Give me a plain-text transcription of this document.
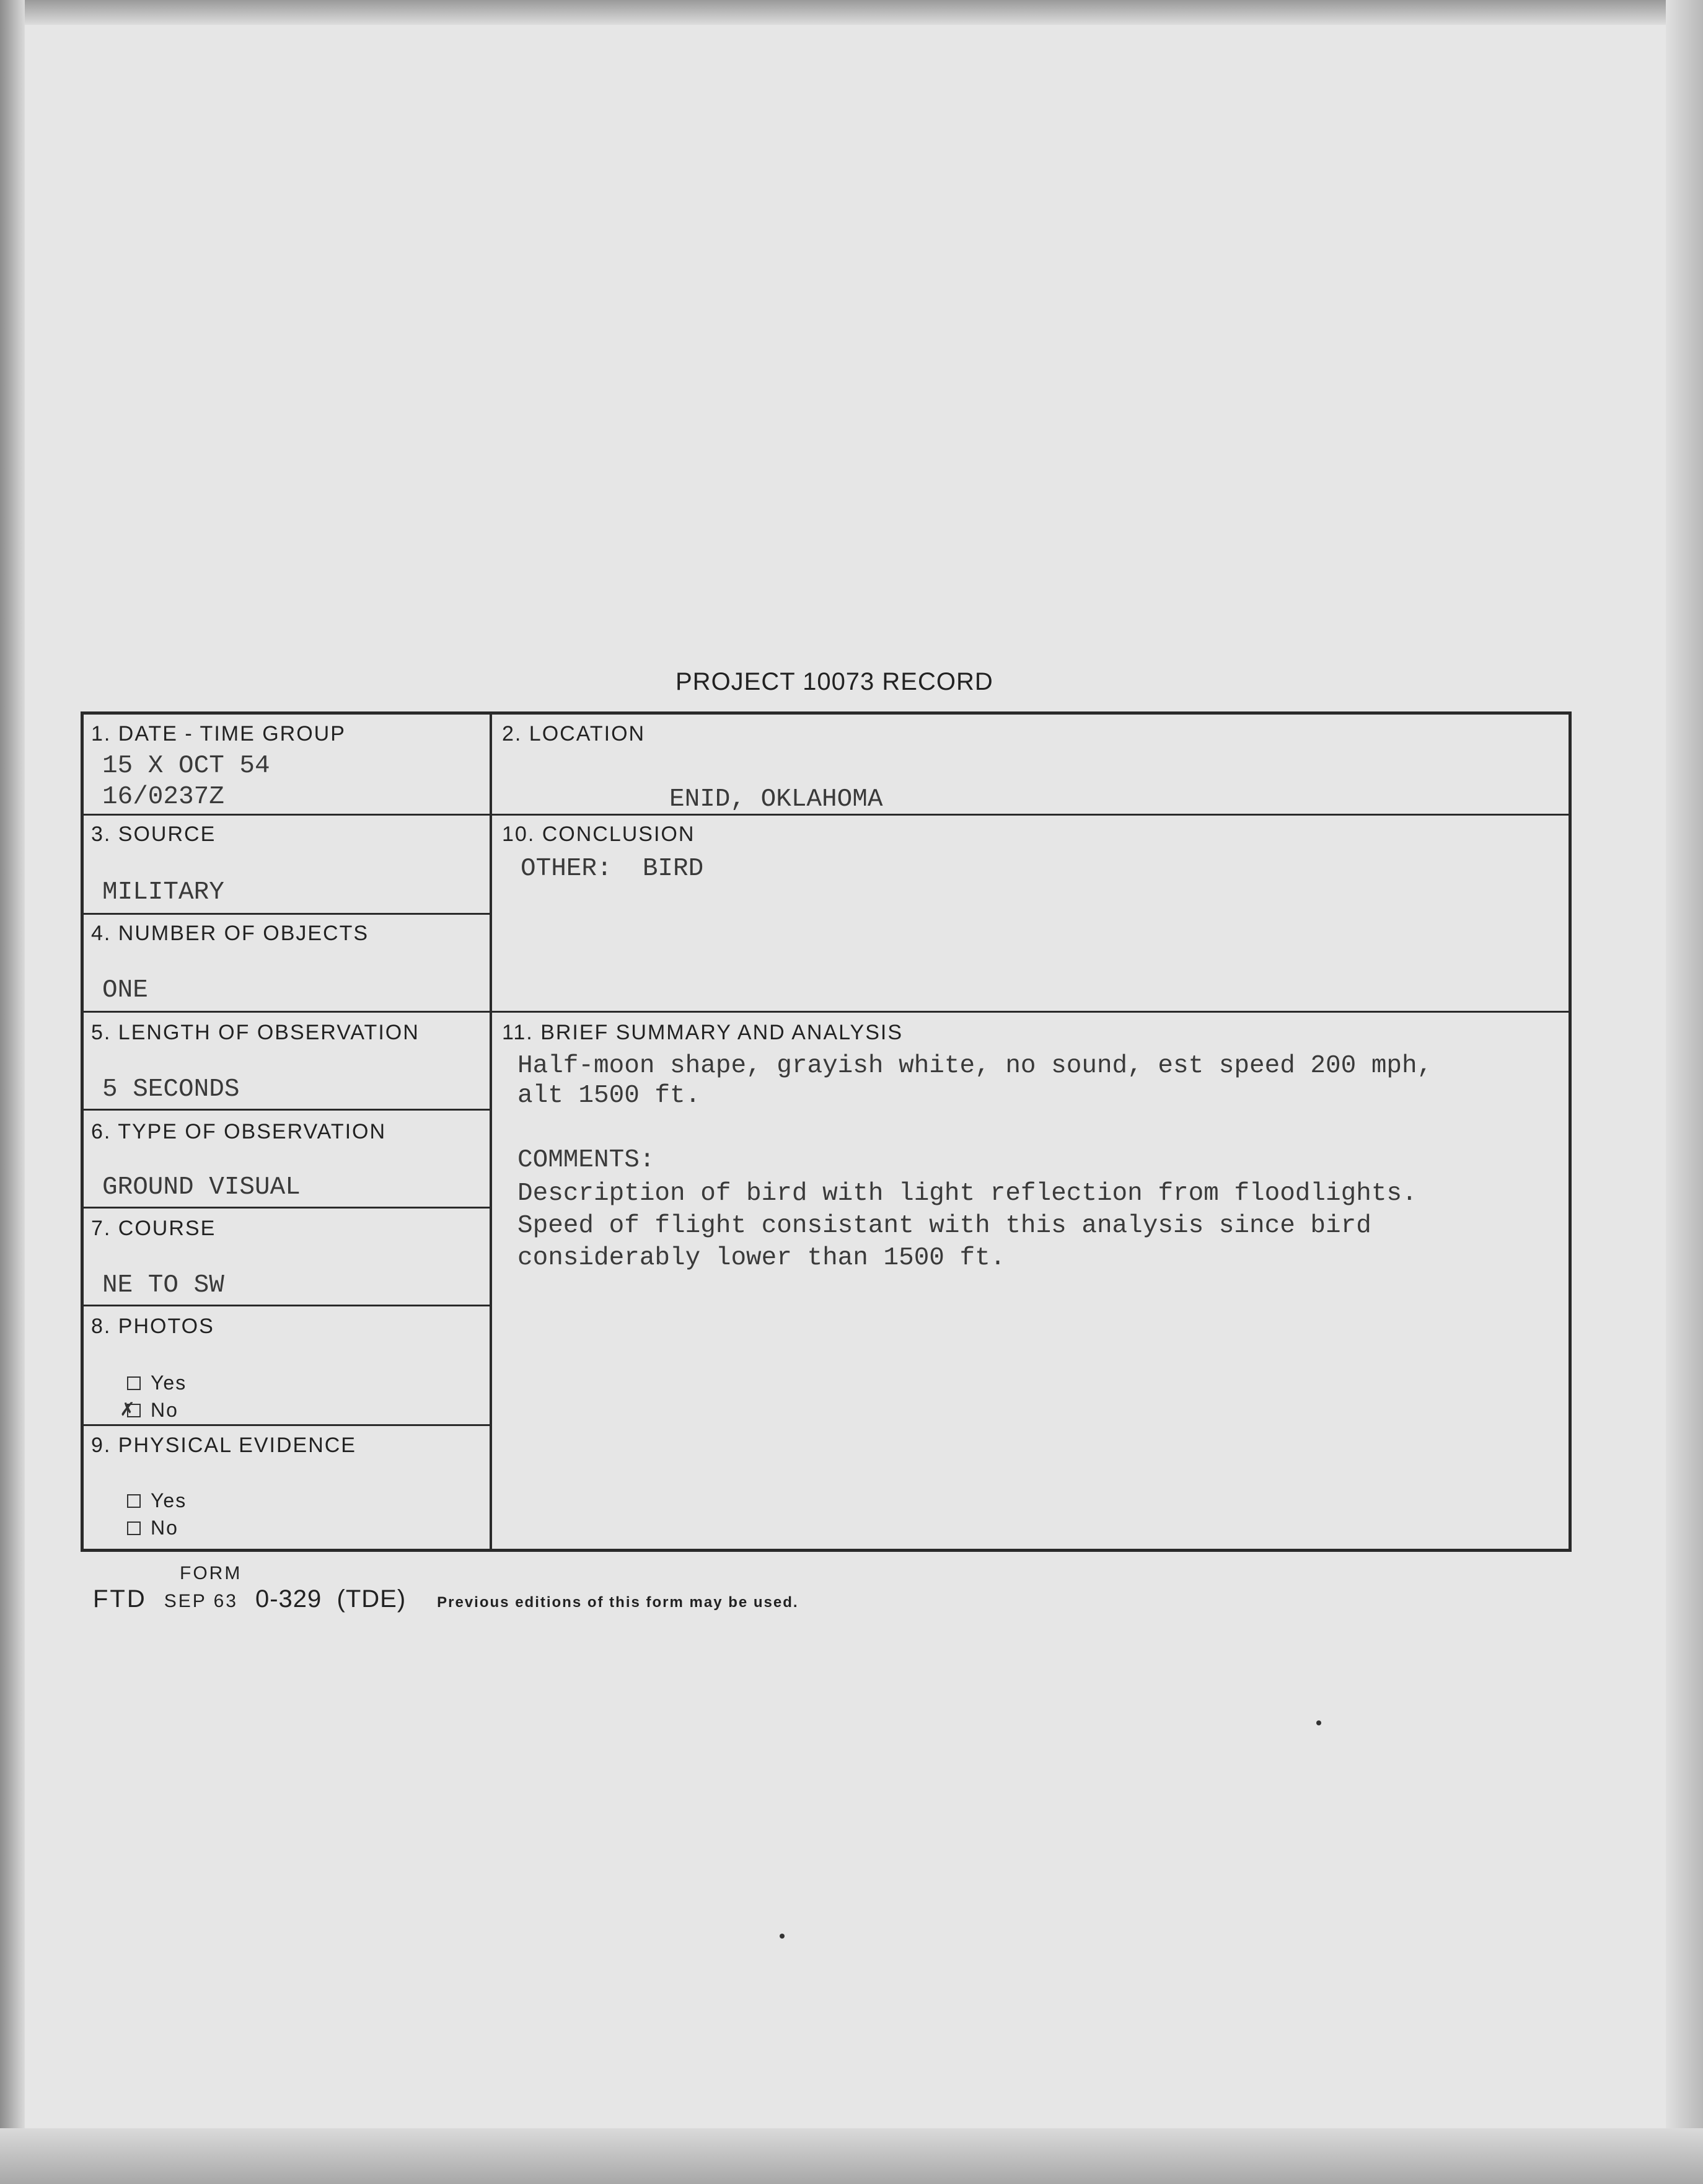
PROJECT 10073 RECORD
1. DATE - TIME GROUP
15 X OCT 54
16/0237Z
2. LOCATION
ENID, OKLAHOMA
3. SOURCE
MILITARY
4. NUMBER OF OBJECTS
ONE
5. LENGTH OF OBSERVATION
5 SECONDS
6. TYPE OF OBSERVATION
GROUND VISUAL
7. COURSE
NE TO SW
8. PHOTOS
Yes
✗ No
9. PHYSICAL EVIDENCE
Yes
No
10. CONCLUSION
OTHER:  BIRD
11. BRIEF SUMMARY AND ANALYSIS
Half-moon shape, grayish white, no sound, est speed 200 mph,
alt 1500 ft.
COMMENTS:
Description of bird with light reflection from floodlights.
Speed of flight consistant with this analysis since bird
considerably lower than 1500 ft.
FORM
FTD SEP 63 0-329  (TDE) Previous editions of this form may be used.
